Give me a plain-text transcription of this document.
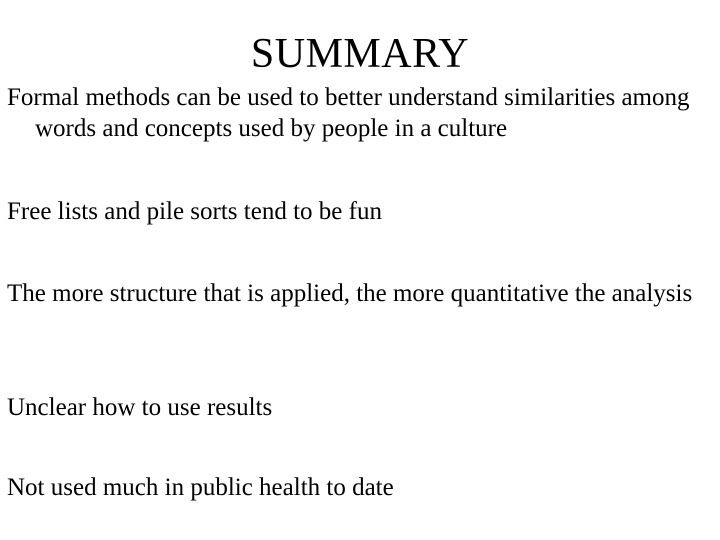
SUMMARY
Formal methods can be used to better understand similarities among words and concepts used by people in a culture
Free lists and pile sorts tend to be fun
The more structure that is applied, the more quantitative the analysis
Unclear how to use results
Not used much in public health to date
